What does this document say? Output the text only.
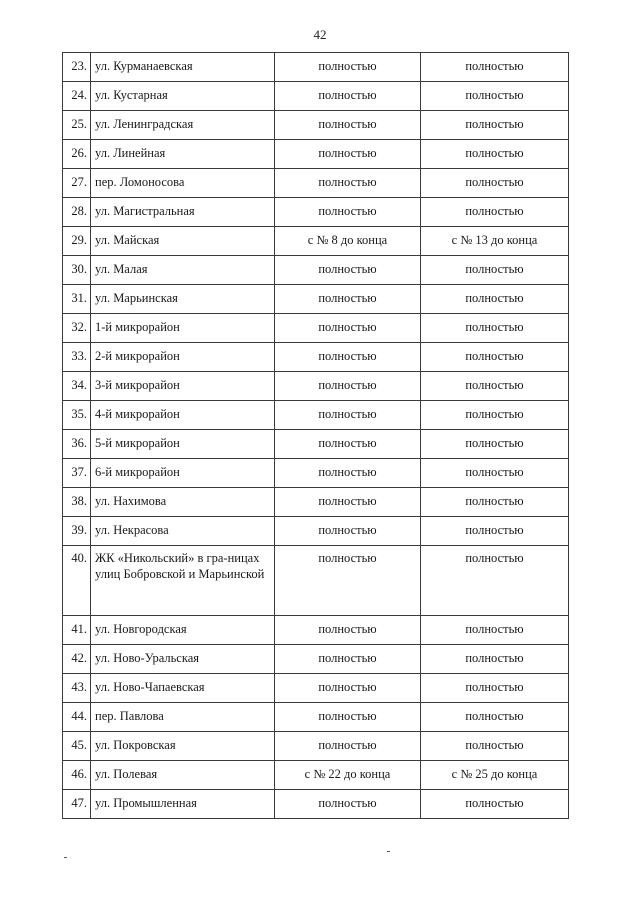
42
23.	ул. Курманаевская	полностью	полностью
24.	ул. Кустарная	полностью	полностью
25.	ул. Ленинградская	полностью	полностью
26.	ул. Линейная	полностью	полностью
27.	пер. Ломоносова	полностью	полностью
28.	ул. Магистральная	полностью	полностью
29.	ул. Майская	с № 8 до конца	с № 13 до конца
30.	ул. Малая	полностью	полностью
31.	ул. Марьинская	полностью	полностью
32.	1-й микрорайон	полностью	полностью
33.	2-й микрорайон	полностью	полностью
34.	3-й микрорайон	полностью	полностью
35.	4-й микрорайон	полностью	полностью
36.	5-й микрорайон	полностью	полностью
37.	6-й микрорайон	полностью	полностью
38.	ул. Нахимова	полностью	полностью
39.	ул. Некрасова	полностью	полностью
40.	ЖК «Никольский» в гра-ницах улиц Бобровской и Марьинской	полностью	полностью
41.	ул. Новгородская	полностью	полностью
42.	ул. Ново-Уральская	полностью	полностью
43.	ул. Ново-Чапаевская	полностью	полностью
44.	пер. Павлова	полностью	полностью
45.	ул. Покровская	полностью	полностью
46.	ул. Полевая	с № 22 до конца	с № 25 до конца
47.	ул. Промышленная	полностью	полностью
